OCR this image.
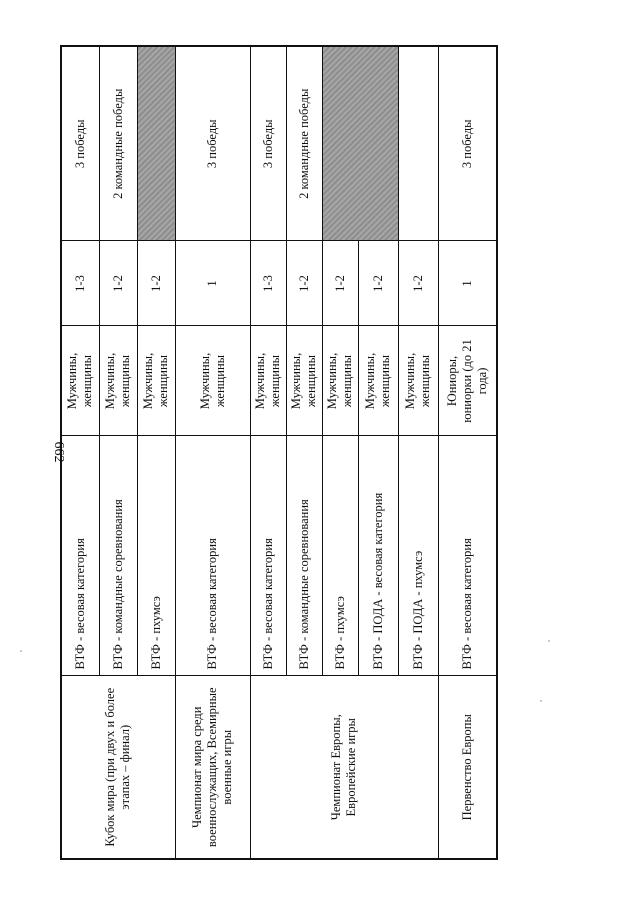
662
Кубок мира (при двух и более этапах – финал)	ВТФ - весовая категория	Мужчины, женщины	1-3	3 победы
	ВТФ - командные соревнования	Мужчины, женщины	1-2	2 командные победы
	ВТФ - пхумсэ	Мужчины, женщины	1-2	
Чемпионат мира среди военнослужащих, Всемирные военные игры	ВТФ - весовая категория	Мужчины, женщины	1	3 победы
Чемпионат Европы, Европейские игры	ВТФ - весовая категория	Мужчины, женщины	1-3	3 победы
	ВТФ - командные соревнования	Мужчины, женщины	1-2	2 командные победы
	ВТФ - пхумсэ	Мужчины, женщины	1-2	
	ВТФ - ПОДА - весовая категория	Мужчины, женщины	1-2	
	ВТФ - ПОДА - пхумсэ	Мужчины, женщины	1-2	
Первенство Европы	ВТФ - весовая категория	Юниоры, юниорки (до 21 года)	1	3 победы
